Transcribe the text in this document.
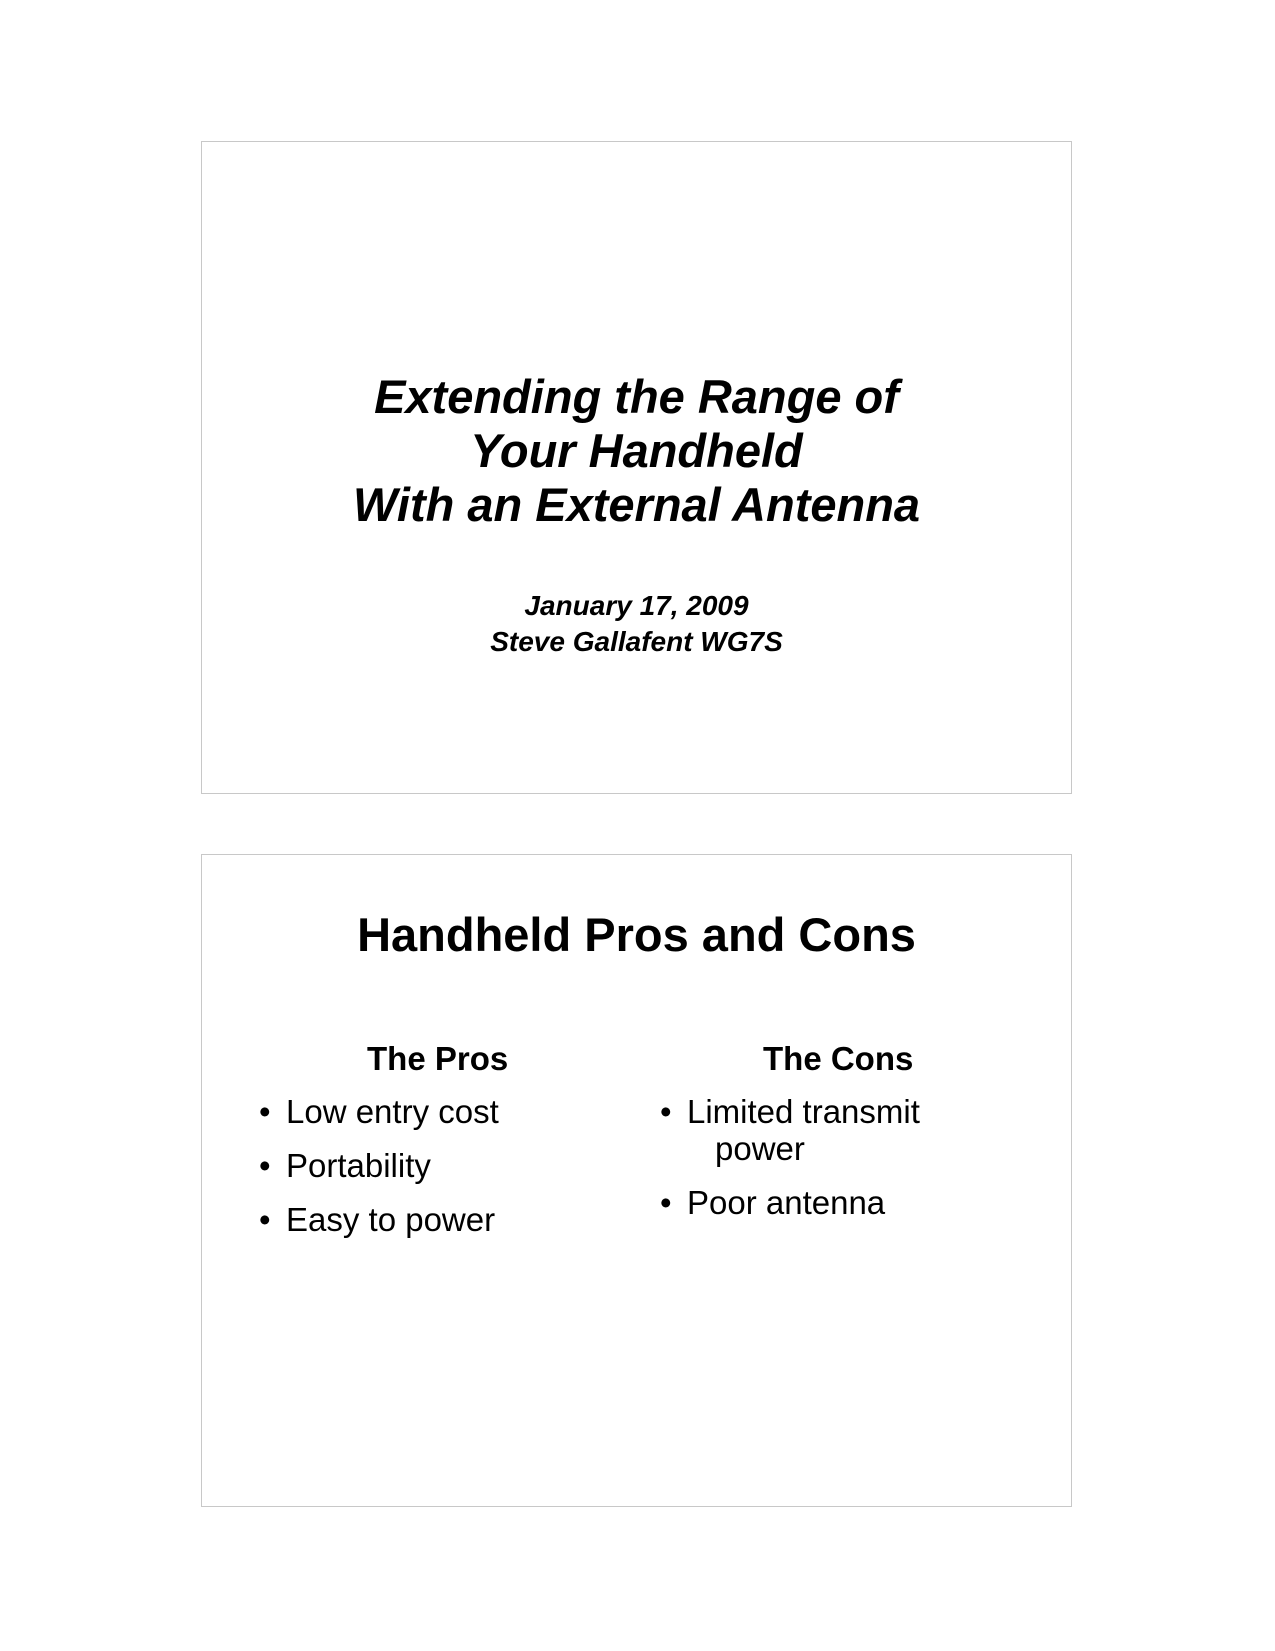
Extending the Range of
Your Handheld
With an External Antenna
January 17, 2009
Steve Gallafent WG7S
Handheld Pros and Cons
The Pros
• Low entry cost
• Portability
• Easy to power
The Cons
• Limited transmit
power
• Poor antenna
